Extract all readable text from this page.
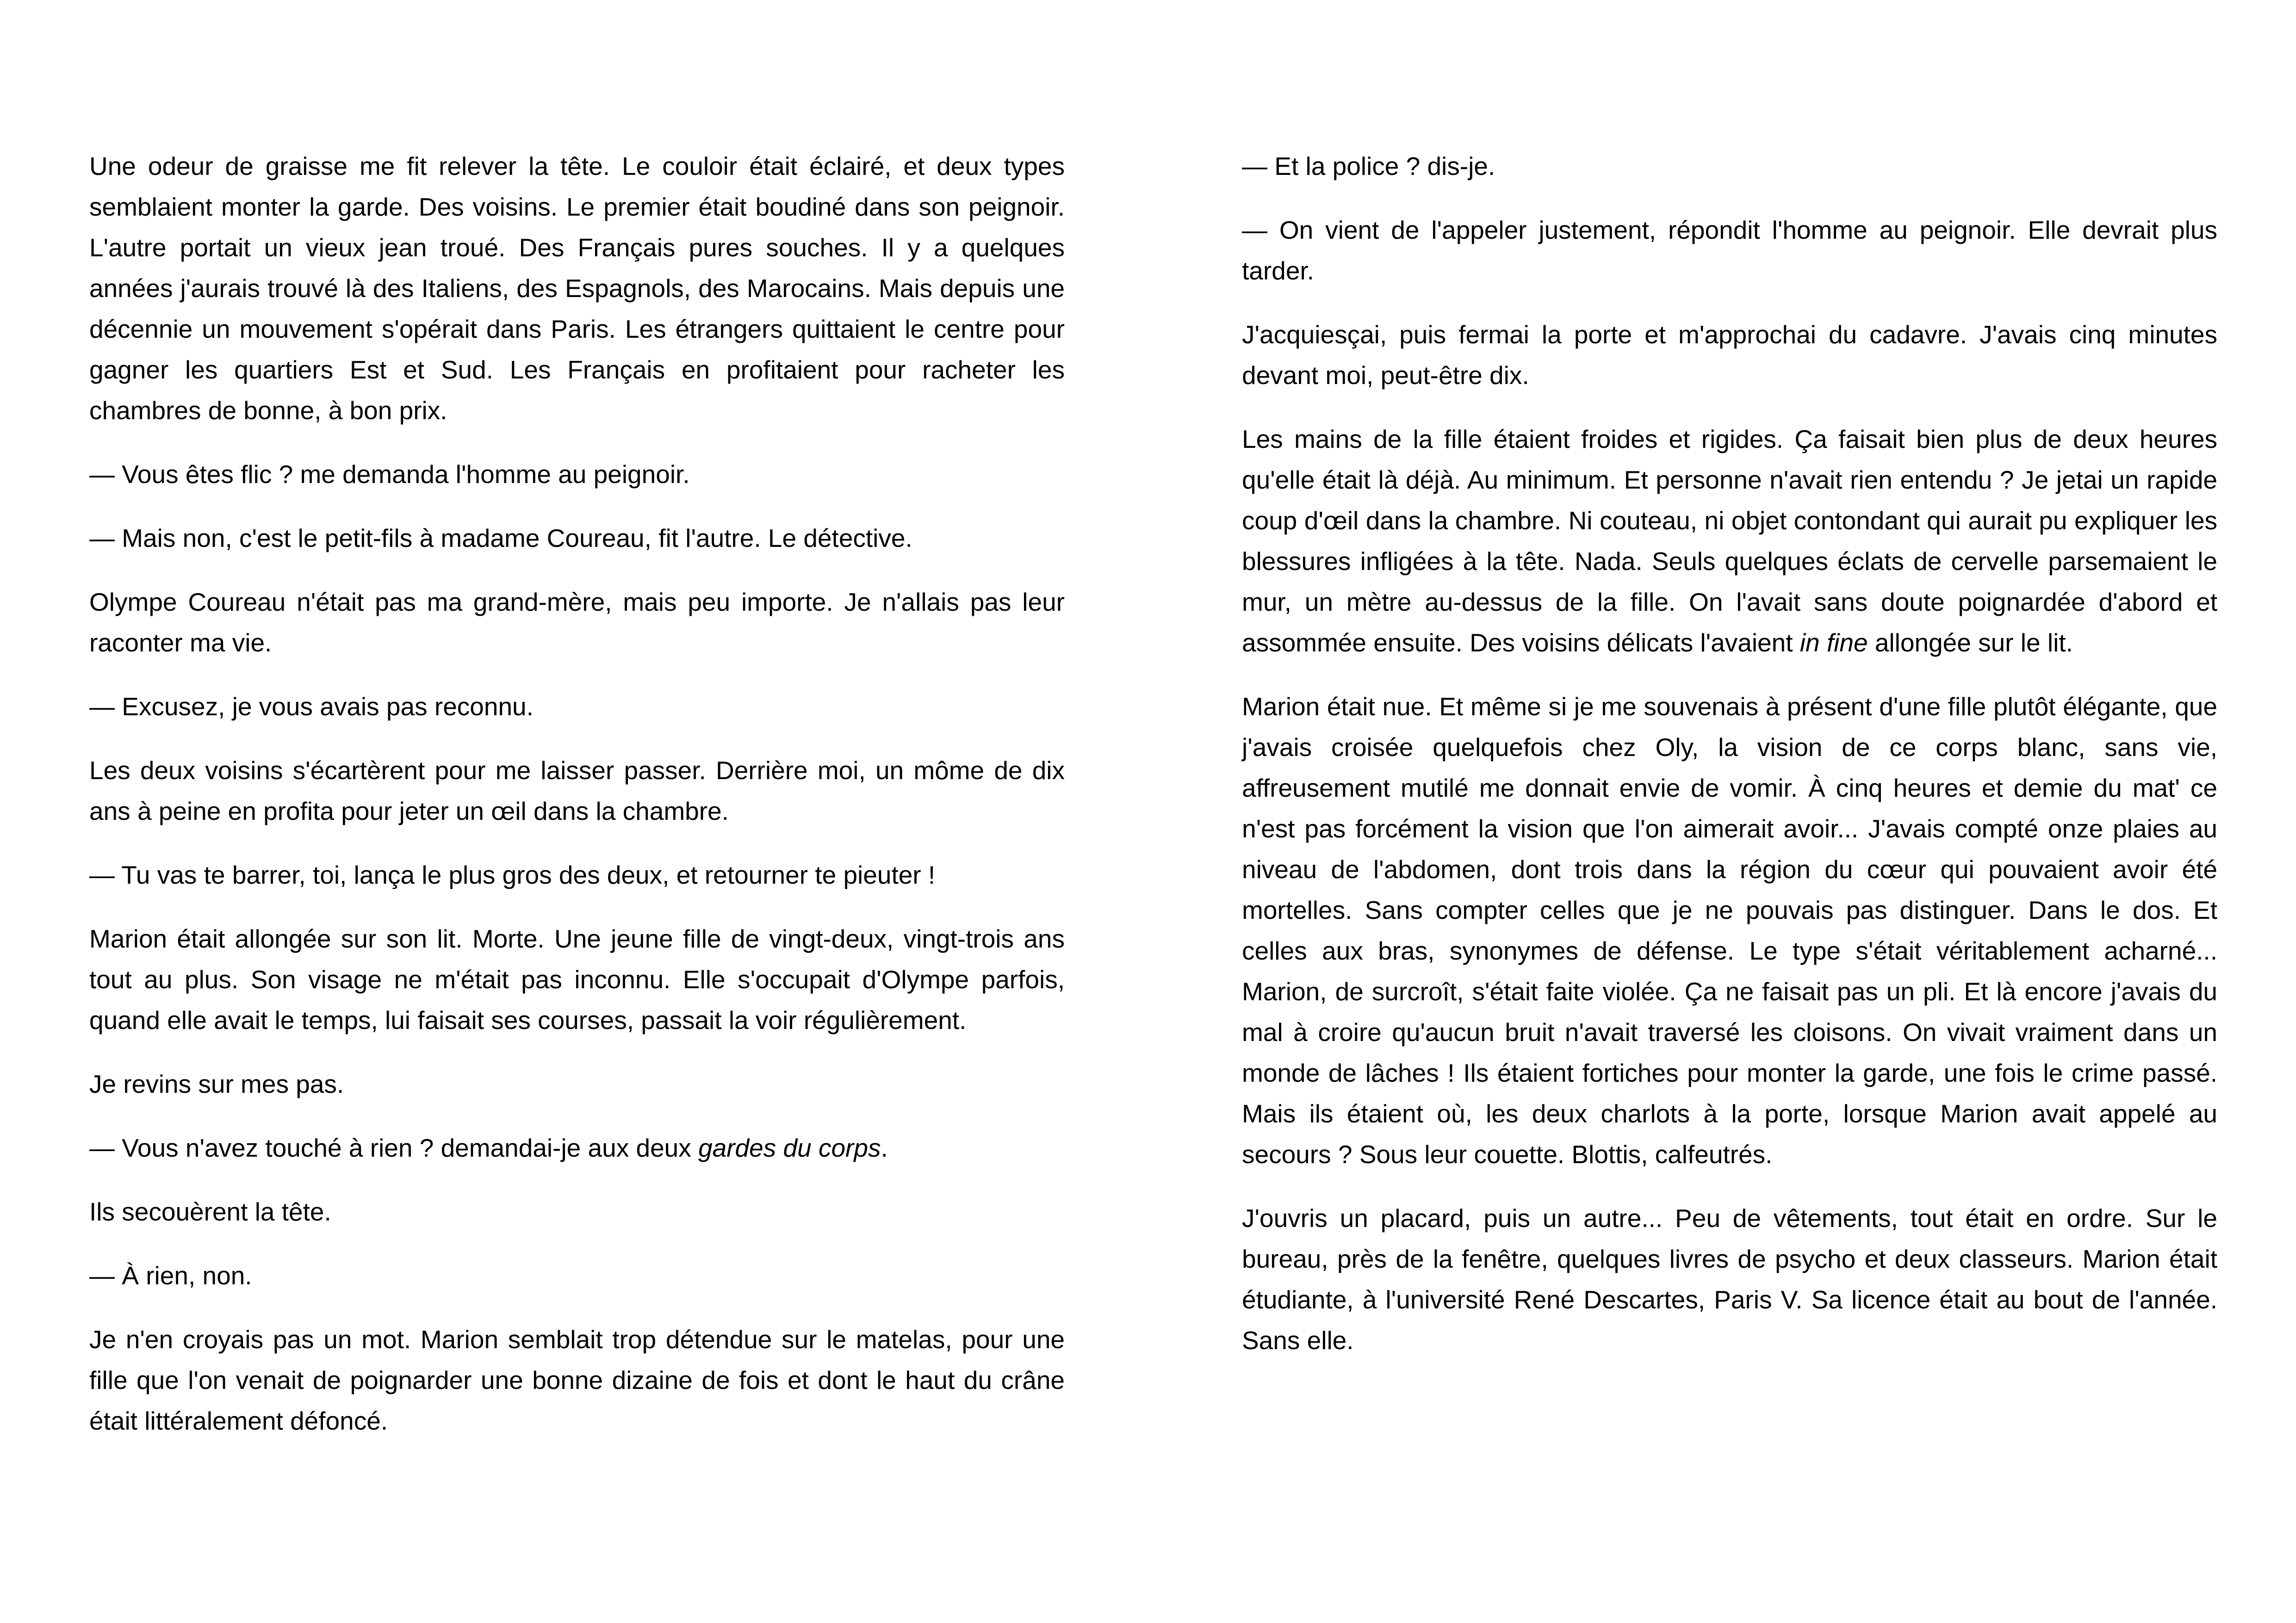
Une odeur de graisse me fit relever la tête. Le couloir était éclairé, et deux types semblaient monter la garde. Des voisins. Le premier était boudiné dans son peignoir. L'autre portait un vieux jean troué. Des Français pures souches. Il y a quelques années j'aurais trouvé là des Italiens, des Espagnols, des Marocains. Mais depuis une décennie un mouvement s'opérait dans Paris. Les étrangers quittaient le centre pour gagner les quartiers Est et Sud. Les Français en profitaient pour racheter les chambres de bonne, à bon prix.

— Vous êtes flic ? me demanda l'homme au peignoir.

— Mais non, c'est le petit-fils à madame Coureau, fit l'autre. Le détective.

Olympe Coureau n'était pas ma grand-mère, mais peu importe. Je n'allais pas leur raconter ma vie.

— Excusez, je vous avais pas reconnu.

Les deux voisins s'écartèrent pour me laisser passer. Derrière moi, un môme de dix ans à peine en profita pour jeter un œil dans la chambre.

— Tu vas te barrer, toi, lança le plus gros des deux, et retourner te pieuter !

Marion était allongée sur son lit. Morte. Une jeune fille de vingt-deux, vingt-trois ans tout au plus. Son visage ne m'était pas inconnu. Elle s'occupait d'Olympe parfois, quand elle avait le temps, lui faisait ses courses, passait la voir régulièrement.

Je revins sur mes pas.

— Vous n'avez touché à rien ? demandai-je aux deux gardes du corps.

Ils secouèrent la tête.

— À rien, non.

Je n'en croyais pas un mot. Marion semblait trop détendue sur le matelas, pour une fille que l'on venait de poignarder une bonne dizaine de fois et dont le haut du crâne était littéralement défoncé.

— Et la police ? dis-je.

— On vient de l'appeler justement, répondit l'homme au peignoir. Elle devrait plus tarder.

J'acquiesçai, puis fermai la porte et m'approchai du cadavre. J'avais cinq minutes devant moi, peut-être dix.

Les mains de la fille étaient froides et rigides. Ça faisait bien plus de deux heures qu'elle était là déjà. Au minimum. Et personne n'avait rien entendu ? Je jetai un rapide coup d'œil dans la chambre. Ni couteau, ni objet contondant qui aurait pu expliquer les blessures infligées à la tête. Nada. Seuls quelques éclats de cervelle parsemaient le mur, un mètre au-dessus de la fille. On l'avait sans doute poignardée d'abord et assommée ensuite. Des voisins délicats l'avaient in fine allongée sur le lit.

Marion était nue. Et même si je me souvenais à présent d'une fille plutôt élégante, que j'avais croisée quelquefois chez Oly, la vision de ce corps blanc, sans vie, affreusement mutilé me donnait envie de vomir. À cinq heures et demie du mat' ce n'est pas forcément la vision que l'on aimerait avoir... J'avais compté onze plaies au niveau de l'abdomen, dont trois dans la région du cœur qui pouvaient avoir été mortelles. Sans compter celles que je ne pouvais pas distinguer. Dans le dos. Et celles aux bras, synonymes de défense. Le type s'était véritablement acharné... Marion, de surcroît, s'était faite violée. Ça ne faisait pas un pli. Et là encore j'avais du mal à croire qu'aucun bruit n'avait traversé les cloisons. On vivait vraiment dans un monde de lâches ! Ils étaient fortiches pour monter la garde, une fois le crime passé. Mais ils étaient où, les deux charlots à la porte, lorsque Marion avait appelé au secours ? Sous leur couette. Blottis, calfeutrés.

J'ouvris un placard, puis un autre... Peu de vêtements, tout était en ordre. Sur le bureau, près de la fenêtre, quelques livres de psycho et deux classeurs. Marion était étudiante, à l'université René Descartes, Paris V. Sa licence était au bout de l'année. Sans elle.
